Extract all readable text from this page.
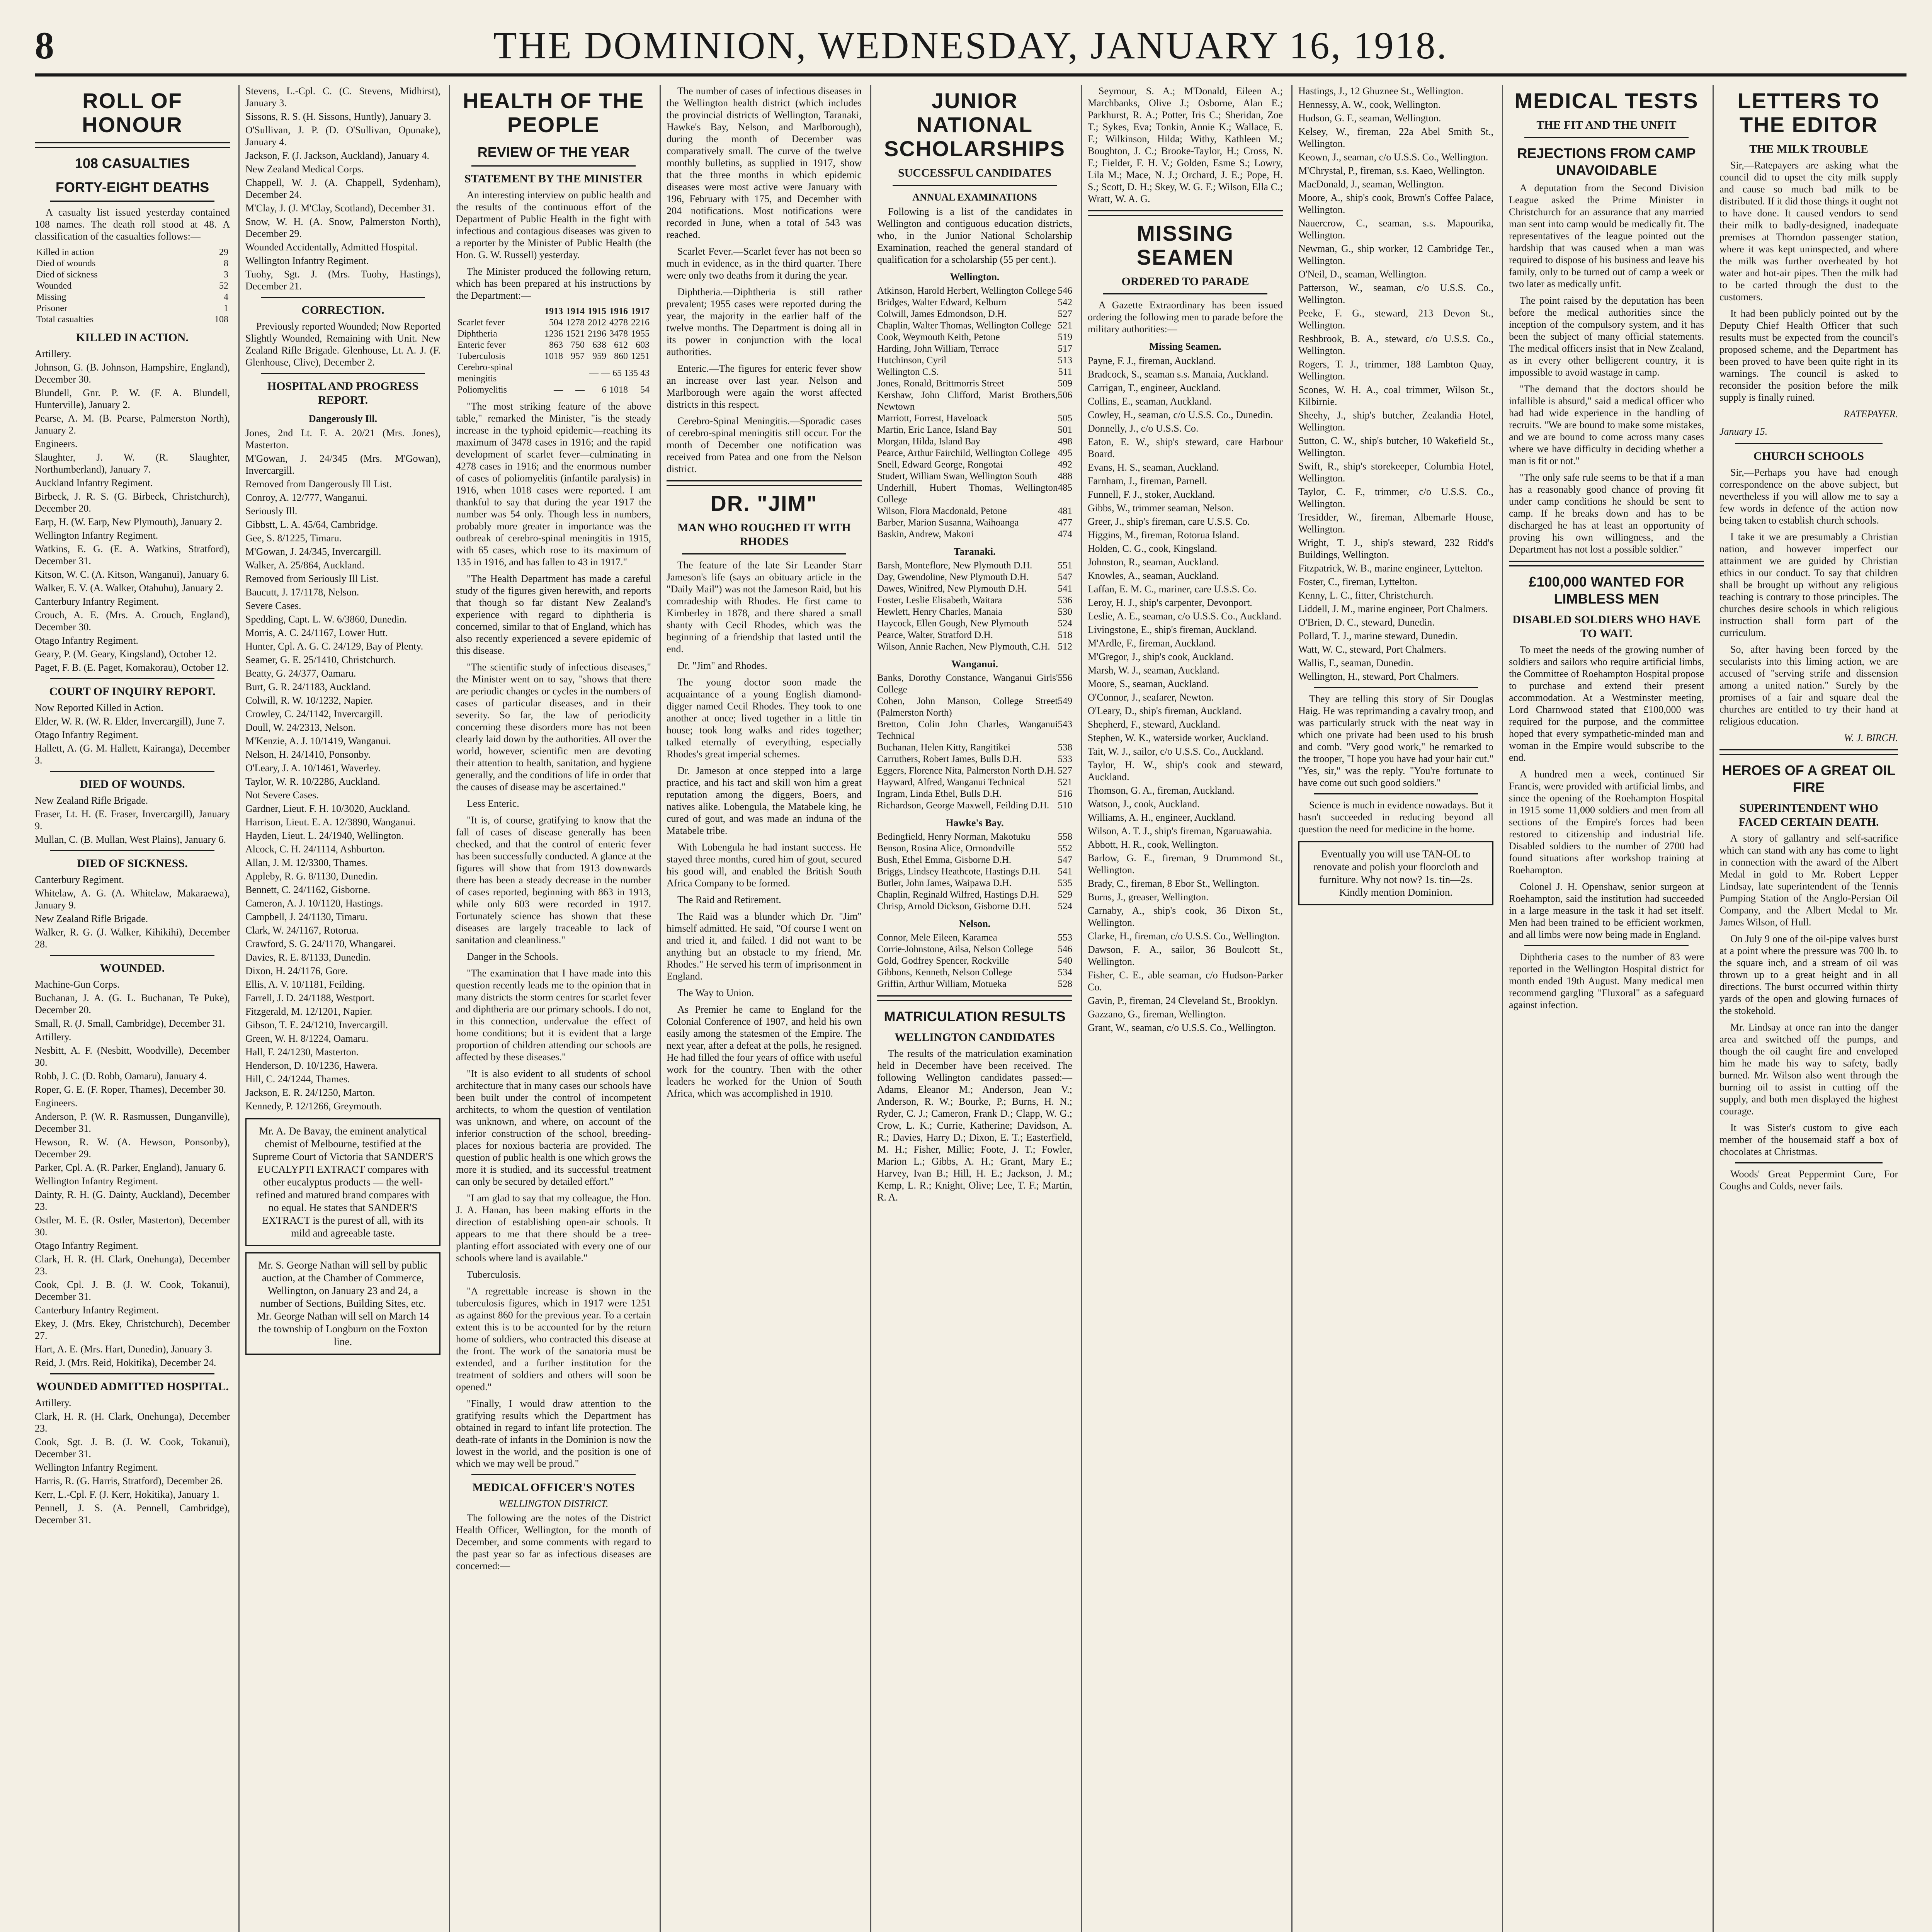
8	THE DOMINION, WEDNESDAY, JANUARY 16, 1918.
ROLL OF HONOUR
108 CASUALTIES
FORTY-EIGHT DEATHS

A casualty list issued yesterday contained 108 names. The death roll stood at 48. A classification of the casualties follows:—

Killed in action	29
Died of wounds	8
Died of sickness	3
Wounded	52
Missing	4
Prisoner	1
Total casualties	108
KILLED IN ACTION.
Artillery.
Johnson, G. (B. Johnson, Hampshire, England), December 30.
Blundell, Gnr. P. W. (F. A. Blundell, Hunterville), January 2.
Pearse, A. M. (B. Pearse, Palmerston North), January 2.
Engineers.
Slaughter, J. W. (R. Slaughter, Northumberland), January 7.
Auckland Infantry Regiment.
Birbeck, J. R. S. (G. Birbeck, Christchurch), December 20.
Earp, H. (W. Earp, New Plymouth), January 2.
Wellington Infantry Regiment.
Watkins, E. G. (E. A. Watkins, Stratford), December 31.
Kitson, W. C. (A. Kitson, Wanganui), January 6.
Walker, E. V. (A. Walker, Otahuhu), January 2.
Canterbury Infantry Regiment.
Crouch, A. E. (Mrs. A. Crouch, England), December 30.
Otago Infantry Regiment.
Geary, P. (M. Geary, Kingsland), October 12.
Paget, F. B. (E. Paget, Komakorau), October 12.
COURT OF INQUIRY REPORT.
Now Reported Killed in Action.
Elder, W. R. (W. R. Elder, Invercargill), June 7.
Otago Infantry Regiment.
Hallett, A. (G. M. Hallett, Kairanga), December 3.
DIED OF WOUNDS.
New Zealand Rifle Brigade.
Fraser, Lt. H. (E. Fraser, Invercargill), January 9.
Mullan, C. (B. Mullan, West Plains), January 6.
DIED OF SICKNESS.
Canterbury Regiment.
Whitelaw, A. G. (A. Whitelaw, Makaraewa), January 9.
New Zealand Rifle Brigade.
Walker, R. G. (J. Walker, Kihikihi), December 28.
WOUNDED.
Machine-Gun Corps.
Buchanan, J. A. (G. L. Buchanan, Te Puke), December 20.
Small, R. (J. Small, Cambridge), December 31.
Artillery.
Nesbitt, A. F. (Nesbitt, Woodville), December 30.
Robb, J. C. (D. Robb, Oamaru), January 4.
Roper, G. E. (F. Roper, Thames), December 30.
Engineers.
Anderson, P. (W. R. Rasmussen, Dunganville), December 31.
Hewson, R. W. (A. Hewson, Ponsonby), December 29.
Parker, Cpl. A. (R. Parker, England), January 6.
Wellington Infantry Regiment.
Dainty, R. H. (G. Dainty, Auckland), December 23.
Ostler, M. E. (R. Ostler, Masterton), December 30.
Otago Infantry Regiment.
Clark, H. R. (H. Clark, Onehunga), December 23.
Cook, Cpl. J. B. (J. W. Cook, Tokanui), December 31.
Canterbury Infantry Regiment.
Ekey, J. (Mrs. Ekey, Christchurch), December 27.
Hart, A. E. (Mrs. Hart, Dunedin), January 3.
Reid, J. (Mrs. Reid, Hokitika), December 24.
WOUNDED ADMITTED HOSPITAL.
Artillery.
Clark, H. R. (H. Clark, Onehunga), December 23.
Cook, Sgt. J. B. (J. W. Cook, Tokanui), December 31.
Wellington Infantry Regiment.
Harris, R. (G. Harris, Stratford), December 26.
Kerr, L.-Cpl. F. (J. Kerr, Hokitika), January 1.
Pennell, J. S. (A. Pennell, Cambridge), December 31.
Stevens, L.-Cpl. C. (C. Stevens, Midhirst), January 3.
Sissons, R. S. (H. Sissons, Huntly), January 3.
O'Sullivan, J. P. (D. O'Sullivan, Opunake), January 4.
Jackson, F. (J. Jackson, Auckland), January 4.
New Zealand Medical Corps.
Chappell, W. J. (A. Chappell, Sydenham), December 24.
M'Clay, J. (J. M'Clay, Scotland), December 31.
Snow, W. H. (A. Snow, Palmerston North), December 29.
Wounded Accidentally, Admitted Hospital.
Wellington Infantry Regiment.
Tuohy, Sgt. J. (Mrs. Tuohy, Hastings), December 21.
CORRECTION.

Previously reported Wounded; Now Reported Slightly Wounded, Remaining with Unit. New Zealand Rifle Brigade. Glenhouse, Lt. A. J. (F. Glenhouse, Clive), December 2.

HOSPITAL AND PROGRESS REPORT.
Dangerously Ill.
Jones, 2nd Lt. F. A. 20/21 (Mrs. Jones), Masterton.
M'Gowan, J. 24/345 (Mrs. M'Gowan), Invercargill.
Removed from Dangerously Ill List.
Conroy, A. 12/777, Wanganui.
Seriously Ill.
Gibbstt, L. A. 45/64, Cambridge.
Gee, S. 8/1225, Timaru.
M'Gowan, J. 24/345, Invercargill.
Walker, A. 25/864, Auckland.
Removed from Seriously Ill List.
Baucutt, J. 17/1178, Nelson.
Severe Cases.
Spedding, Capt. L. W. 6/3860, Dunedin.
Morris, A. C. 24/1167, Lower Hutt.
Hunter, Cpl. A. G. C. 24/129, Bay of Plenty.
Seamer, G. E. 25/1410, Christchurch.
Beatty, G. 24/377, Oamaru.
Burt, G. R. 24/1183, Auckland.
Colwill, R. W. 10/1232, Napier.
Crowley, C. 24/1142, Invercargill.
Doull, W. 24/2313, Nelson.
M'Kenzie, A. J. 10/1419, Wanganui.
Nelson, H. 24/1410, Ponsonby.
O'Leary, J. A. 10/1461, Waverley.
Taylor, W. R. 10/2286, Auckland.
Not Severe Cases.
Gardner, Lieut. F. H. 10/3020, Auckland.
Harrison, Lieut. E. A. 12/3890, Wanganui.
Hayden, Lieut. L. 24/1940, Wellington.
Alcock, C. H. 24/1114, Ashburton.
Allan, J. M. 12/3300, Thames.
Appleby, R. G. 8/1130, Dunedin.
Bennett, C. 24/1162, Gisborne.
Cameron, A. J. 10/1120, Hastings.
Campbell, J. 24/1130, Timaru.
Clark, W. 24/1167, Rotorua.
Crawford, S. G. 24/1170, Whangarei.
Davies, R. E. 8/1133, Dunedin.
Dixon, H. 24/1176, Gore.
Ellis, A. V. 10/1181, Feilding.
Farrell, J. D. 24/1188, Westport.
Fitzgerald, M. 12/1201, Napier.
Gibson, T. E. 24/1210, Invercargill.
Green, W. H. 8/1224, Oamaru.
Hall, F. 24/1230, Masterton.
Henderson, D. 10/1236, Hawera.
Hill, C. 24/1244, Thames.
Jackson, E. R. 24/1250, Marton.
Kennedy, P. 12/1266, Greymouth.
Mr. A. De Bavay, the eminent analytical chemist of Melbourne, testified at the Supreme Court of Victoria that SANDER'S EUCALYPTI EXTRACT compares with other eucalyptus products — the well-refined and matured brand compares with no equal. He states that SANDER'S EXTRACT is the purest of all, with its mild and agreeable taste.
Mr. S. George Nathan will sell by public auction, at the Chamber of Commerce, Wellington, on January 23 and 24, a number of Sections, Building Sites, etc. Mr. George Nathan will sell on March 14 the township of Longburn on the Foxton line.
HEALTH OF THE PEOPLE
REVIEW OF THE YEAR
STATEMENT BY THE MINISTER

An interesting interview on public health and the results of the continuous effort of the Department of Public Health in the fight with infectious and contagious diseases was given to a reporter by the Minister of Public Health (the Hon. G. W. Russell) yesterday.

The Minister produced the following return, which has been prepared at his instructions by the Department:—

	1913	1914	1915	1916	1917
Scarlet fever	504	1278	2012	4278	2216
Diphtheria	1236	1521	2196	3478	1955
Enteric fever	863	750	638	612	603
Tuberculosis	1018	957	959	860	1251
Cerebro-spinal meningitis	— — 65 135 43				
Poliomyelitis	—	—	6	1018	54

"The most striking feature of the above table," remarked the Minister, "is the steady increase in the typhoid epidemic—reaching its maximum of 3478 cases in 1916; and the rapid development of scarlet fever—culminating in 4278 cases in 1916; and the enormous number of cases of poliomyelitis (infantile paralysis) in 1916, when 1018 cases were reported. I am thankful to say that during the year 1917 the number was 54 only. Though less in numbers, probably more greater in importance was the outbreak of cerebro-spinal meningitis in 1915, with 65 cases, which rose to its maximum of 135 in 1916, and has fallen to 43 in 1917."

"The Health Department has made a careful study of the figures given herewith, and reports that though so far distant New Zealand's experience with regard to diphtheria is concerned, similar to that of England, which has also recently experienced a severe epidemic of this disease.

"The scientific study of infectious diseases," the Minister went on to say, "shows that there are periodic changes or cycles in the numbers of cases of particular diseases, and in their severity. So far, the law of periodicity concerning these disorders more has not been clearly laid down by the authorities. All over the world, however, scientific men are devoting their attention to health, sanitation, and hygiene generally, and the conditions of life in order that the causes of disease may be ascertained."

Less Enteric.

"It is, of course, gratifying to know that the fall of cases of disease generally has been checked, and that the control of enteric fever has been successfully conducted. A glance at the figures will show that from 1913 downwards there has been a steady decrease in the number of cases reported, beginning with 863 in 1913, while only 603 were recorded in 1917. Fortunately science has shown that these diseases are largely traceable to lack of sanitation and cleanliness."

Danger in the Schools.

"The examination that I have made into this question recently leads me to the opinion that in many districts the storm centres for scarlet fever and diphtheria are our primary schools. I do not, in this connection, undervalue the effect of home conditions; but it is evident that a large proportion of children attending our schools are affected by these diseases."

"It is also evident to all students of school architecture that in many cases our schools have been built under the control of incompetent architects, to whom the question of ventilation was unknown, and where, on account of the inferior construction of the school, breeding-places for noxious bacteria are provided. The question of public health is one which grows the more it is studied, and its successful treatment can only be secured by detailed effort."

"I am glad to say that my colleague, the Hon. J. A. Hanan, has been making efforts in the direction of establishing open-air schools. It appears to me that there should be a tree-planting effort associated with every one of our schools where land is available."

Tuberculosis.

"A regrettable increase is shown in the tuberculosis figures, which in 1917 were 1251 as against 860 for the previous year. To a certain extent this is to be accounted for by the return home of soldiers, who contracted this disease at the front. The work of the sanatoria must be extended, and a further institution for the treatment of soldiers and others will soon be opened."

"Finally, I would draw attention to the gratifying results which the Department has obtained in regard to infant life protection. The death-rate of infants in the Dominion is now the lowest in the world, and the position is one of which we may well be proud."

MEDICAL OFFICER'S NOTES
WELLINGTON DISTRICT.

The following are the notes of the District Health Officer, Wellington, for the month of December, and some comments with regard to the past year so far as infectious diseases are concerned:—

The number of cases of infectious diseases in the Wellington health district (which includes the provincial districts of Wellington, Taranaki, Hawke's Bay, Nelson, and Marlborough), during the month of December was comparatively small. The curve of the twelve monthly bulletins, as supplied in 1917, show that the three months in which epidemic diseases were most active were January with 196, February with 175, and December with 204 notifications. Most notifications were recorded in June, when a total of 543 was reached.

Scarlet Fever.—Scarlet fever has not been so much in evidence, as in the third quarter. There were only two deaths from it during the year.

Diphtheria.—Diphtheria is still rather prevalent; 1955 cases were reported during the year, the majority in the earlier half of the twelve months. The Department is doing all in its power in conjunction with the local authorities.

Enteric.—The figures for enteric fever show an increase over last year. Nelson and Marlborough were again the worst affected districts in this respect.

Cerebro-Spinal Meningitis.—Sporadic cases of cerebro-spinal meningitis still occur. For the month of December one notification was received from Patea and one from the Nelson district.

DR. "JIM"
MAN WHO ROUGHED IT WITH RHODES

The feature of the late Sir Leander Starr Jameson's life (says an obituary article in the "Daily Mail") was not the Jameson Raid, but his comradeship with Rhodes. He first came to Kimberley in 1878, and there shared a small shanty with Cecil Rhodes, which was the beginning of a friendship that lasted until the end.

Dr. "Jim" and Rhodes.

The young doctor soon made the acquaintance of a young English diamond-digger named Cecil Rhodes. They took to one another at once; lived together in a little tin house; took long walks and rides together; talked eternally of everything, especially Rhodes's great imperial schemes.

Dr. Jameson at once stepped into a large practice, and his tact and skill won him a great reputation among the diggers, Boers, and natives alike. Lobengula, the Matabele king, he cured of gout, and was made an induna of the Matabele tribe.

With Lobengula he had instant success. He stayed three months, cured him of gout, secured his good will, and enabled the British South Africa Company to be formed.

The Raid and Retirement.

The Raid was a blunder which Dr. "Jim" himself admitted. He said, "Of course I went on and tried it, and failed. I did not want to be anything but an obstacle to my friend, Mr. Rhodes." He served his term of imprisonment in England.

The Way to Union.

As Premier he came to England for the Colonial Conference of 1907, and held his own easily among the statesmen of the Empire. The next year, after a defeat at the polls, he resigned. He had filled the four years of office with useful work for the country. Then with the other leaders he worked for the Union of South Africa, which was accomplished in 1910.

JUNIOR NATIONAL SCHOLARSHIPS
SUCCESSFUL CANDIDATES
ANNUAL EXAMINATIONS

Following is a list of the candidates in Wellington and contiguous education districts, who, in the Junior National Scholarship Examination, reached the general standard of qualification for a scholarship (55 per cent.).

Wellington.
Atkinson, Harold Herbert, Wellington College 546
Bridges, Walter Edward, Kelburn	542
Colwill, James Edmondson, D.H.	527
Chaplin, Walter Thomas, Wellington College 521
Cook, Weymouth Keith, Petone	519
Harding, John William, Terrace	517
Hutchinson, Cyril	513
Wellington C.S.	511
Jones, Ronald, Brittmorris Street	509
Kershaw, John Clifford, Marist Brothers, Newtown
506
Marriott, Forrest, Haveloack	505
Martin, Eric Lance, Island Bay	501
Morgan, Hilda, Island Bay	498
Pearce, Arthur Fairchild, Wellington College 495
Snell, Edward George, Rongotai	492
Studert, William Swan, Wellington South 488
Underhill, Hubert Thomas, Wellington College
485
Wilson, Flora Macdonald, Petone	481
Barber, Marion Susanna, Waihoanga	477
Baskin, Andrew, Makoni	474
Taranaki.
Barsh, Monteflore, New Plymouth D.H.	551
Day, Gwendoline, New Plymouth D.H.	547
Dawes, Winifred, New Plymouth D.H.	541
Foster, Leslie Elisabeth, Waitara	536
Hewlett, Henry Charles, Manaia	530
Haycock, Ellen Gough, New Plymouth	524
Pearce, Walter, Stratford D.H.	518
Wilson, Annie Rachen, New Plymouth, C.H. 512
Wanganui.
Banks, Dorothy Constance, Wanganui Girls' College
556
Cohen, John Manson, College Street (Palmerston North)
549
Bretton, Colin John Charles, Wanganui Technical
543
Buchanan, Helen Kitty, Rangitikei	538
Carruthers, Robert James, Bulls D.H.	533
Eggers, Florence Nita, Palmerston North D.H. 527
Hayward, Alfred, Wanganui Technical	521
Ingram, Linda Ethel, Bulls D.H.	516
Richardson, George Maxwell, Feilding D.H. 510
Hawke's Bay.
Bedingfield, Henry Norman, Makotuku	558
Benson, Rosina Alice, Ormondville	552
Bush, Ethel Emma, Gisborne D.H.	547
Briggs, Lindsey Heathcote, Hastings D.H. 541
Butler, John James, Waipawa D.H.	535
Chaplin, Reginald Wilfred, Hastings D.H. 529
Chrisp, Arnold Dickson, Gisborne D.H.	524
Nelson.
Connor, Mele Eileen, Karamea	553
Corrie-Johnstone, Ailsa, Nelson College	546
Gold, Godfrey Spencer, Rockville	540
Gibbons, Kenneth, Nelson College	534
Griffin, Arthur William, Motueka	528
MATRICULATION RESULTS
WELLINGTON CANDIDATES

The results of the matriculation examination held in December have been received. The following Wellington candidates passed:—Adams, Eleanor M.; Anderson, Jean V.; Anderson, R. W.; Bourke, P.; Burns, H. N.; Ryder, C. J.; Cameron, Frank D.; Clapp, W. G.; Crow, L. K.; Currie, Katherine; Davidson, A. R.; Davies, Harry D.; Dixon, E. T.; Easterfield, M. H.; Fisher, Millie; Foote, J. T.; Fowler, Marion L.; Gibbs, A. H.; Grant, Mary E.; Harvey, Ivan B.; Hill, H. E.; Jackson, J. M.; Kemp, L. R.; Knight, Olive; Lee, T. F.; Martin, R. A.

Seymour, S. A.; M'Donald, Eileen A.; Marchbanks, Olive J.; Osborne, Alan E.; Parkhurst, R. A.; Potter, Iris C.; Sheridan, Zoe T.; Sykes, Eva; Tonkin, Annie K.; Wallace, E. F.; Wilkinson, Hilda; Withy, Kathleen M.; Boughton, J. C.; Brooke-Taylor, H.; Cross, N. F.; Fielder, F. H. V.; Golden, Esme S.; Lowry, Lila M.; Mace, N. J.; Orchard, J. E.; Pope, H. S.; Scott, D. H.; Skey, W. G. F.; Wilson, Ella C.; Wratt, W. A. G.

MISSING SEAMEN
ORDERED TO PARADE

A Gazette Extraordinary has been issued ordering the following men to parade before the military authorities:—

Missing Seamen.
Payne, F. J., fireman, Auckland.
Bradcock, S., seaman s.s. Manaia, Auckland.
Carrigan, T., engineer, Auckland.
Collins, E., seaman, Auckland.
Cowley, H., seaman, c/o U.S.S. Co., Dunedin.
Donnelly, J., c/o U.S.S. Co.
Eaton, E. W., ship's steward, care Harbour Board.
Evans, H. S., seaman, Auckland.
Farnham, J., fireman, Parnell.
Funnell, F. J., stoker, Auckland.
Gibbs, W., trimmer seaman, Nelson.
Greer, J., ship's fireman, care U.S.S. Co.
Higgins, M., fireman, Rotorua Island.
Holden, C. G., cook, Kingsland.
Johnston, R., seaman, Auckland.
Knowles, A., seaman, Auckland.
Laffan, E. M. C., mariner, care U.S.S. Co.
Leroy, H. J., ship's carpenter, Devonport.
Leslie, A. E., seaman, c/o U.S.S. Co., Auckland.
Livingstone, E., ship's fireman, Auckland.
M'Ardle, F., fireman, Auckland.
M'Gregor, J., ship's cook, Auckland.
Marsh, W. J., seaman, Auckland.
Moore, S., seaman, Auckland.
O'Connor, J., seafarer, Newton.
O'Leary, D., ship's fireman, Auckland.
Shepherd, F., steward, Auckland.
Stephen, W. K., waterside worker, Auckland.
Tait, W. J., sailor, c/o U.S.S. Co., Auckland.
Taylor, H. W., ship's cook and steward, Auckland.
Thomson, G. A., fireman, Auckland.
Watson, J., cook, Auckland.
Williams, A. H., engineer, Auckland.
Wilson, A. T. J., ship's fireman, Ngaruawahia.
Abbott, H. R., cook, Wellington.
Barlow, G. E., fireman, 9 Drummond St., Wellington.
Brady, C., fireman, 8 Ebor St., Wellington.
Burns, J., greaser, Wellington.
Carnaby, A., ship's cook, 36 Dixon St., Wellington.
Clarke, H., fireman, c/o U.S.S. Co., Wellington.
Dawson, F. A., sailor, 36 Boulcott St., Wellington.
Fisher, C. E., able seaman, c/o Hudson-Parker Co.
Gavin, P., fireman, 24 Cleveland St., Brooklyn.
Gazzano, G., fireman, Wellington.
Grant, W., seaman, c/o U.S.S. Co., Wellington.
Hastings, J., 12 Ghuznee St., Wellington.
Hennessy, A. W., cook, Wellington.
Hudson, G. F., seaman, Wellington.
Kelsey, W., fireman, 22a Abel Smith St., Wellington.
Keown, J., seaman, c/o U.S.S. Co., Wellington.
M'Chrystal, P., fireman, s.s. Kaeo, Wellington.
MacDonald, J., seaman, Wellington.
Moore, A., ship's cook, Brown's Coffee Palace, Wellington.
Nauercrow, C., seaman, s.s. Mapourika, Wellington.
Newman, G., ship worker, 12 Cambridge Ter., Wellington.
O'Neil, D., seaman, Wellington.
Patterson, W., seaman, c/o U.S.S. Co., Wellington.
Peeke, F. G., steward, 213 Devon St., Wellington.
Reshbrook, B. A., steward, c/o U.S.S. Co., Wellington.
Rogers, T. J., trimmer, 188 Lambton Quay, Wellington.
Scones, W. H. A., coal trimmer, Wilson St., Kilbirnie.
Sheehy, J., ship's butcher, Zealandia Hotel, Wellington.
Sutton, C. W., ship's butcher, 10 Wakefield St., Wellington.
Swift, R., ship's storekeeper, Columbia Hotel, Wellington.
Taylor, C. F., trimmer, c/o U.S.S. Co., Wellington.
Tresidder, W., fireman, Albemarle House, Wellington.
Wright, T. J., ship's steward, 232 Ridd's Buildings, Wellington.
Fitzpatrick, W. B., marine engineer, Lyttelton.
Foster, C., fireman, Lyttelton.
Kenny, L. C., fitter, Christchurch.
Liddell, J. M., marine engineer, Port Chalmers.
O'Brien, D. C., steward, Dunedin.
Pollard, T. J., marine steward, Dunedin.
Watt, W. C., steward, Port Chalmers.
Wallis, F., seaman, Dunedin.
Wellington, H., steward, Port Chalmers.

They are telling this story of Sir Douglas Haig. He was reprimanding a cavalry troop, and was particularly struck with the neat way in which one private had been used to his brush and comb. "Very good work," he remarked to the trooper, "I hope you have had your hair cut." "Yes, sir," was the reply. "You're fortunate to have come out such good soldiers."

Science is much in evidence nowadays. But it hasn't succeeded in reducing beyond all question the need for medicine in the home.

Eventually you will use TAN-OL to renovate and polish your floorcloth and furniture. Why not now? 1s. tin—2s. Kindly mention Dominion.
MEDICAL TESTS
THE FIT AND THE UNFIT
REJECTIONS FROM CAMP UNAVOIDABLE

A deputation from the Second Division League asked the Prime Minister in Christchurch for an assurance that any married man sent into camp would be medically fit. The representatives of the league pointed out the hardship that was caused when a man was required to dispose of his business and leave his family, only to be turned out of camp a week or two later as medically unfit.

The point raised by the deputation has been before the medical authorities since the inception of the compulsory system, and it has been the subject of many official statements. The medical officers insist that in New Zealand, as in every other belligerent country, it is impossible to avoid wastage in camp.

"The demand that the doctors should be infallible is absurd," said a medical officer who had had wide experience in the handling of recruits. "We are bound to make some mistakes, and we are bound to come across many cases where we have difficulty in deciding whether a man is fit or not."

"The only safe rule seems to be that if a man has a reasonably good chance of proving fit under camp conditions he should be sent to camp. If he breaks down and has to be discharged he has at least an opportunity of proving his own willingness, and the Department has not lost a possible soldier."

£100,000 WANTED FOR LIMBLESS MEN
DISABLED SOLDIERS WHO HAVE TO WAIT.

To meet the needs of the growing number of soldiers and sailors who require artificial limbs, the Committee of Roehampton Hospital propose to purchase and extend their present accommodation. At a Westminster meeting, Lord Charnwood stated that £100,000 was required for the purpose, and the committee hoped that every sympathetic-minded man and woman in the Empire would subscribe to the end.

A hundred men a week, continued Sir Francis, were provided with artificial limbs, and since the opening of the Roehampton Hospital in 1915 some 11,000 soldiers and men from all sections of the Empire's forces had been restored to citizenship and industrial life. Disabled soldiers to the number of 2700 had found situations after workshop training at Roehampton.

Colonel J. H. Openshaw, senior surgeon at Roehampton, said the institution had succeeded in a large measure in the task it had set itself. Men had been trained to be efficient workmen, and all limbs were now being made in England.

Diphtheria cases to the number of 83 were reported in the Wellington Hospital district for month ended 19th August. Many medical men recommend gargling "Fluxoral" as a safeguard against infection.

LETTERS TO THE EDITOR
THE MILK TROUBLE

Sir,—Ratepayers are asking what the council did to upset the city milk supply and cause so much bad milk to be distributed. If it did those things it ought not to have done. It caused vendors to send their milk to badly-designed, inadequate premises at Thorndon passenger station, where it was kept uninspected, and where the milk was further overheated by hot water and hot-air pipes. Then the milk had to be carted through the dust to the customers.

It had been publicly pointed out by the Deputy Chief Health Officer that such results must be expected from the council's proposed scheme, and the Department has been proved to have been quite right in its warnings. The council is asked to reconsider the position before the milk supply is finally ruined.

RATEPAYER.
January 15.
CHURCH SCHOOLS

Sir,—Perhaps you have had enough correspondence on the above subject, but nevertheless if you will allow me to say a few words in defence of the action now being taken to establish church schools.

I take it we are presumably a Christian nation, and however imperfect our attainment we are guided by Christian ethics in our conduct. To say that children shall be brought up without any religious teaching is contrary to those principles. The churches desire schools in which religious instruction shall form part of the curriculum.

So, after having been forced by the secularists into this liming action, we are accused of "serving strife and dissension among a united nation." Surely by the promises of a fair and square deal the churches are entitled to try their hand at religious education.

W. J. BIRCH.
HEROES OF A GREAT OIL FIRE
SUPERINTENDENT WHO FACED CERTAIN DEATH.

A story of gallantry and self-sacrifice which can stand with any has come to light in connection with the award of the Albert Medal in gold to Mr. Robert Lepper Lindsay, late superintendent of the Tennis Pumping Station of the Anglo-Persian Oil Company, and the Albert Medal to Mr. James Wilson, of Hull.

On July 9 one of the oil-pipe valves burst at a point where the pressure was 700 lb. to the square inch, and a stream of oil was thrown up to a great height and in all directions. The burst occurred within thirty yards of the open and glowing furnaces of the stokehold.

Mr. Lindsay at once ran into the danger area and switched off the pumps, and though the oil caught fire and enveloped him he made his way to safety, badly burned. Mr. Wilson also went through the burning oil to assist in cutting off the supply, and both men displayed the highest courage.

It was Sister's custom to give each member of the housemaid staff a box of chocolates at Christmas.

Woods' Great Peppermint Cure, For Coughs and Colds, never fails.
